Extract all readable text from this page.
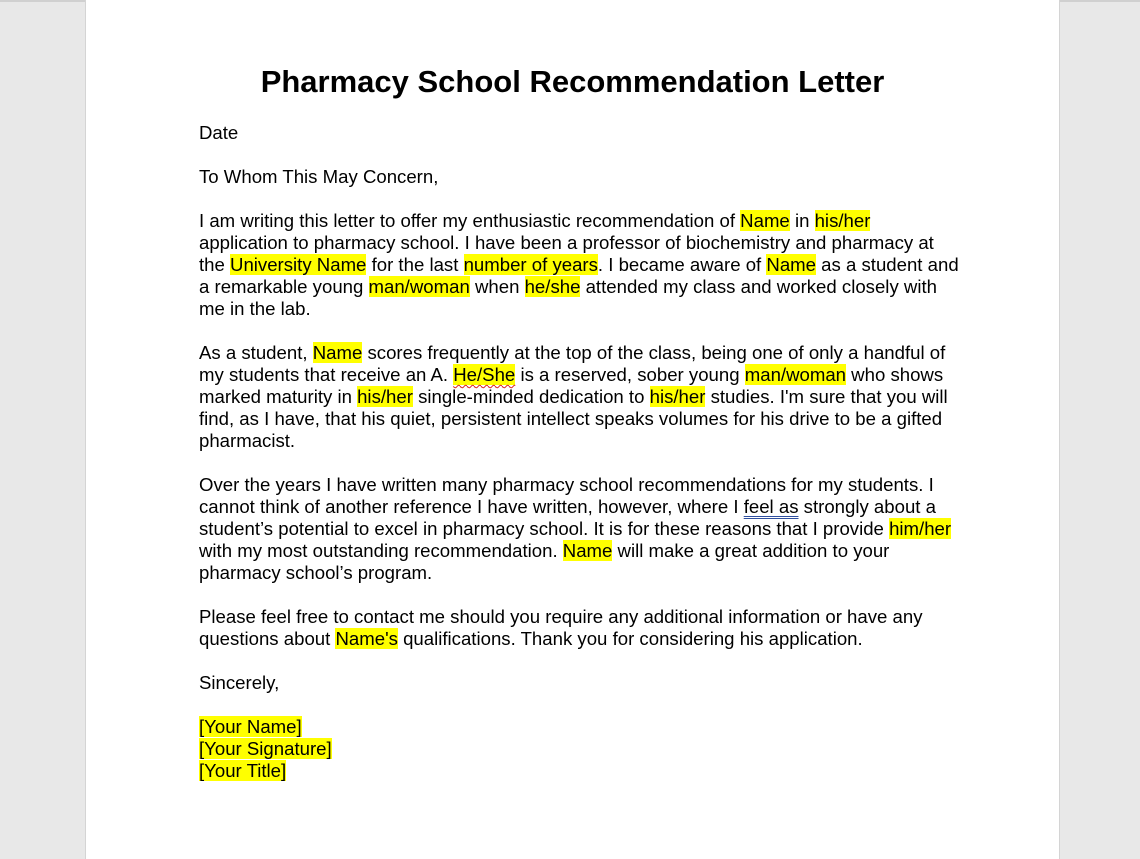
Pharmacy School Recommendation Letter

Date

To Whom This May Concern,

I am writing this letter to offer my enthusiastic recommendation of Name in his/her application to pharmacy school. I have been a professor of biochemistry and pharmacy at the University Name for the last number of years. I became aware of Name as a student and a remarkable young man/woman when he/she attended my class and worked closely with me in the lab.

As a student, Name scores frequently at the top of the class, being one of only a handful of my students that receive an A. He/She is a reserved, sober young man/woman who shows marked maturity in his/her single-minded dedication to his/her studies. I'm sure that you will find, as I have, that his quiet, persistent intellect speaks volumes for his drive to be a gifted pharmacist.

Over the years I have written many pharmacy school recommendations for my students. I cannot think of another reference I have written, however, where I feel as strongly about a student’s potential to excel in pharmacy school. It is for these reasons that I provide him/her with my most outstanding recommendation. Name will make a great addition to your pharmacy school’s program.

Please feel free to contact me should you require any additional information or have any questions about Name's qualifications. Thank you for considering his application.

Sincerely,

[Your Name]

[Your Signature]

[Your Title]
